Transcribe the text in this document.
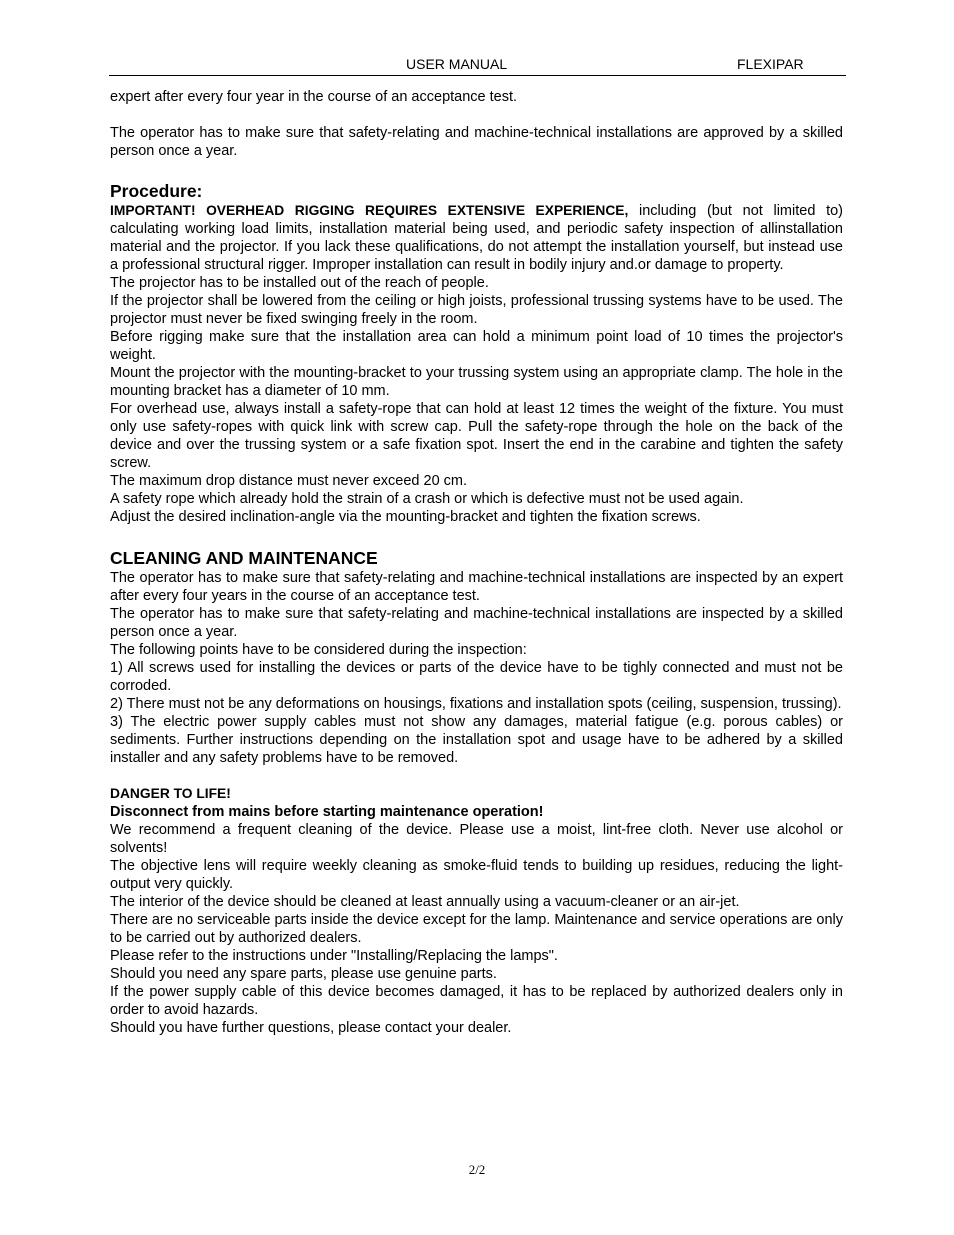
USER MANUAL	FLEXIPAR

expert after every four year in the course of an acceptance test.

The operator has to make sure that safety-relating and machine-technical installations are approved by a skilled person once a year.

Procedure:

IMPORTANT! OVERHEAD RIGGING REQUIRES EXTENSIVE EXPERIENCE, including (but not limited to) calculating working load limits, installation material being used, and periodic safety inspection of allinstallation material and the projector. If you lack these qualifications, do not attempt the installation yourself, but instead use a professional structural rigger. Improper installation can result in bodily injury and.or damage to property.

The projector has to be installed out of the reach of people.

If the projector shall be lowered from the ceiling or high joists, professional trussing systems have to be used. The projector must never be fixed swinging freely in the room.

Before rigging make sure that the installation area can hold a minimum point load of 10 times the projector's weight.

Mount the projector with the mounting-bracket to your trussing system using an appropriate clamp. The hole in the mounting bracket has a diameter of 10 mm.

For overhead use, always install a safety-rope that can hold at least 12 times the weight of the fixture. You must only use safety-ropes with quick link with screw cap. Pull the safety-rope through the hole on the back of the device and over the trussing system or a safe fixation spot. Insert the end in the carabine and tighten the safety screw.

The maximum drop distance must never exceed 20 cm.

A safety rope which already hold the strain of a crash or which is defective must not be used again.

Adjust the desired inclination-angle via the mounting-bracket and tighten the fixation screws.

CLEANING AND MAINTENANCE

The operator has to make sure that safety-relating and machine-technical installations are inspected by an expert after every four years in the course of an acceptance test.

The operator has to make sure that safety-relating and machine-technical installations are inspected by a skilled person once a year.

The following points have to be considered during the inspection:

1) All screws used for installing the devices or parts of the device have to be tighly connected and must not be corroded.

2) There must not be any deformations on housings, fixations and installation spots (ceiling, suspension, trussing).

3) The electric power supply cables must not show any damages, material fatigue (e.g. porous cables) or sediments. Further instructions depending on the installation spot and usage have to be adhered by a skilled installer and any safety problems have to be removed.

DANGER TO LIFE!

Disconnect from mains before starting maintenance operation!

We recommend a frequent cleaning of the device. Please use a moist, lint-free cloth. Never use alcohol or solvents!

The objective lens will require weekly cleaning as smoke-fluid tends to building up residues, reducing the light-output very quickly.

The interior of the device should be cleaned at least annually using a vacuum-cleaner or an air-jet.

There are no serviceable parts inside the device except for the lamp. Maintenance and service operations are only to be carried out by authorized dealers.

Please refer to the instructions under "Installing/Replacing the lamps".

Should you need any spare parts, please use genuine parts.

If the power supply cable of this device becomes damaged, it has to be replaced by authorized dealers only in order to avoid hazards.

Should you have further questions, please contact your dealer.

2/2
